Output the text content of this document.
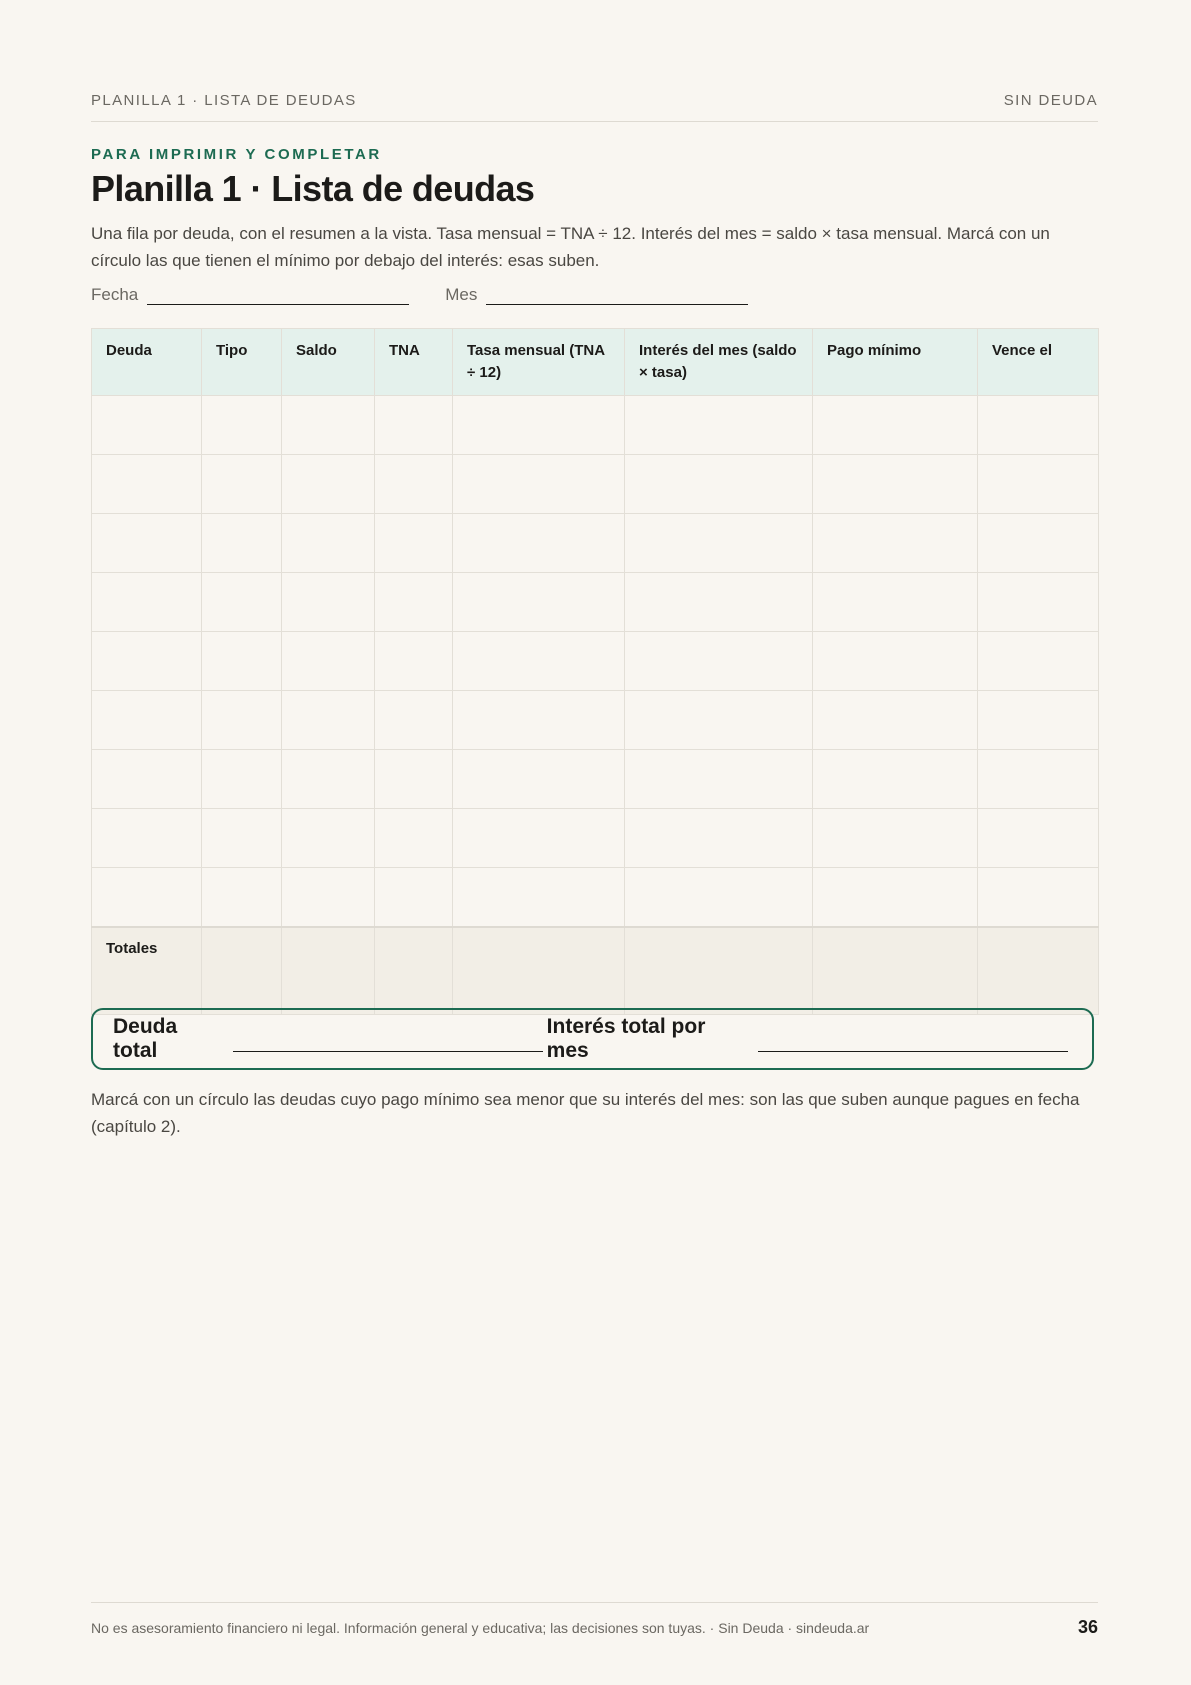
PLANILLA 1 · LISTA DE DEUDAS	SIN DEUDA
PARA IMPRIMIR Y COMPLETAR
Planilla 1 · Lista de deudas

Una fila por deuda, con el resumen a la vista. Tasa mensual = TNA ÷ 12. Interés del mes = saldo × tasa mensual. Marcá con un círculo las que tienen el mínimo por debajo del interés: esas suben.

Fecha	Mes
Deuda	Tipo	Saldo	TNA	Tasa mensual (TNA ÷ 12)	Interés del mes (saldo × tasa)	Pago mínimo	Vence el

Totales							
Deuda total
Interés total por mes

Marcá con un círculo las deudas cuyo pago mínimo sea menor que su interés del mes: son las que suben aunque pagues en fecha (capítulo 2).

No es asesoramiento financiero ni legal. Información general y educativa; las decisiones son tuyas. · Sin Deuda · sindeuda.ar	36
